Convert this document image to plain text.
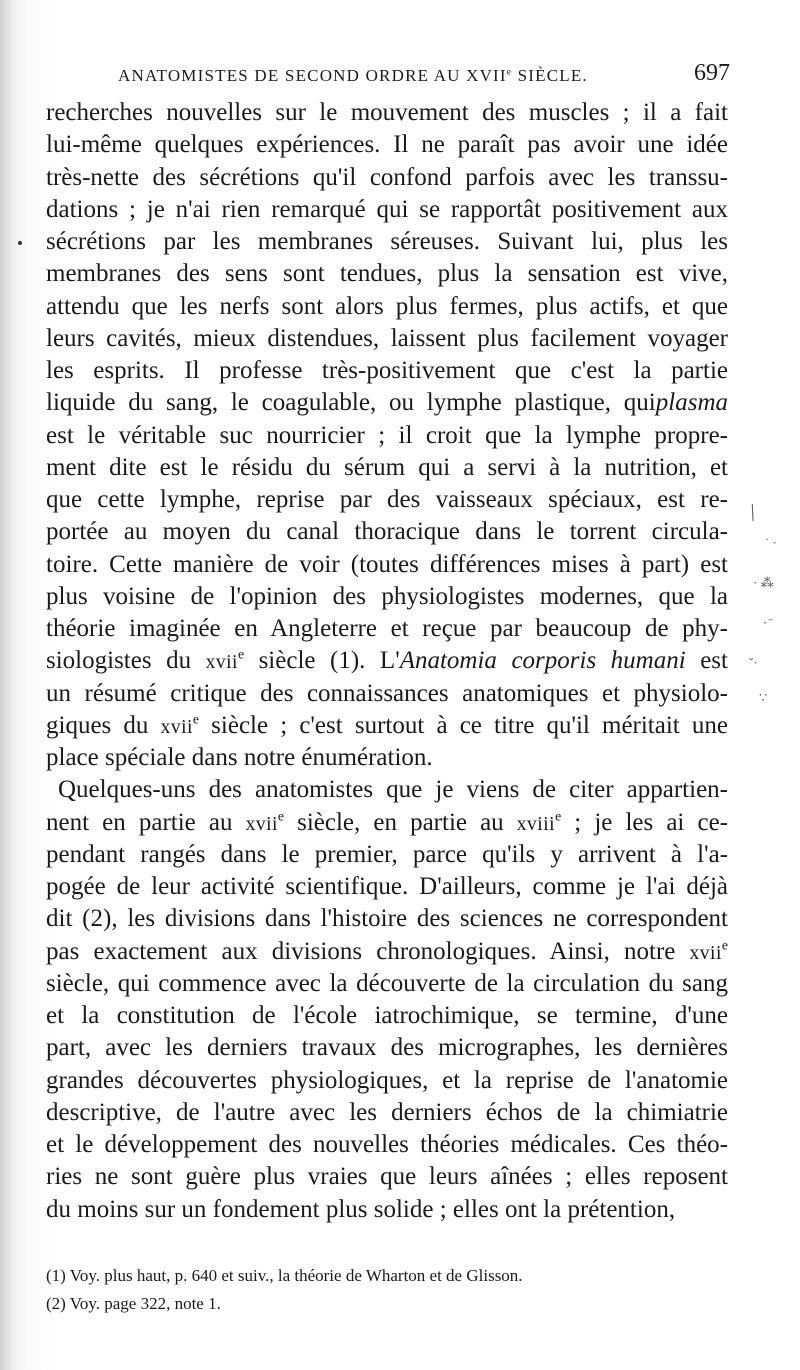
ANATOMISTES DE SECOND ORDRE AU XVIIe SIÈCLE.	697
recherches nouvelles sur le mouvement des muscles ; il a fait
lui-même quelques expériences. Il ne paraît pas avoir une idée
très-nette des sécrétions qu'il confond parfois avec les transsu-
dations ; je n'ai rien remarqué qui se rapportât positivement aux
sécrétions par les membranes séreuses. Suivant lui, plus les
membranes des sens sont tendues, plus la sensation est vive,
attendu que les nerfs sont alors plus fermes, plus actifs, et que
leurs cavités, mieux distendues, laissent plus facilement voyager
les esprits. Il professe très-positivement que c'est la partie
liquide du sang, le coagulable, ou lymphe plastique, quiplasma
est le véritable suc nourricier ; il croit que la lymphe propre-
ment dite est le résidu du sérum qui a servi à la nutrition, et
que cette lymphe, reprise par des vaisseaux spéciaux, est re-
portée au moyen du canal thoracique dans le torrent circula-
toire. Cette manière de voir (toutes différences mises à part) est
plus voisine de l'opinion des physiologistes modernes, que la
théorie imaginée en Angleterre et reçue par beaucoup de phy-
siologistes du xvii$^e$ siècle (1). L'Anatomia corporis humani est
un résumé critique des connaissances anatomiques et physiolo-
giques du xvii$^e$ siècle ; c'est surtout à ce titre qu'il méritait une
place spéciale dans notre énumération.
Quelques-uns des anatomistes que je viens de citer appartien-
nent en partie au xvii$^e$ siècle, en partie au xviii$^e$ ; je les ai ce-
pendant rangés dans le premier, parce qu'ils y arrivent à l'a-
pogée de leur activité scientifique. D'ailleurs, comme je l'ai déjà
dit (2), les divisions dans l'histoire des sciences ne correspondent
pas exactement aux divisions chronologiques. Ainsi, notre xvii$^e$
siècle, qui commence avec la découverte de la circulation du sang
et la constitution de l'école iatrochimique, se termine, d'une
part, avec les derniers travaux des micrographes, les dernières
grandes découvertes physiologiques, et la reprise de l'anatomie
descriptive, de l'autre avec les derniers échos de la chimiatrie
et le développement des nouvelles théories médicales. Ces théo-
ries ne sont guère plus vraies que leurs aînées ; elles reposent
du moins sur un fondement plus solide ; elles ont la prétention,
(1) Voy. plus haut, p. 640 et suiv., la théorie de Wharton et de Glisson.
(2) Voy. page 322, note 1.
╱
˙ ·
· ⁂
· ̄
ˇ·
∵
